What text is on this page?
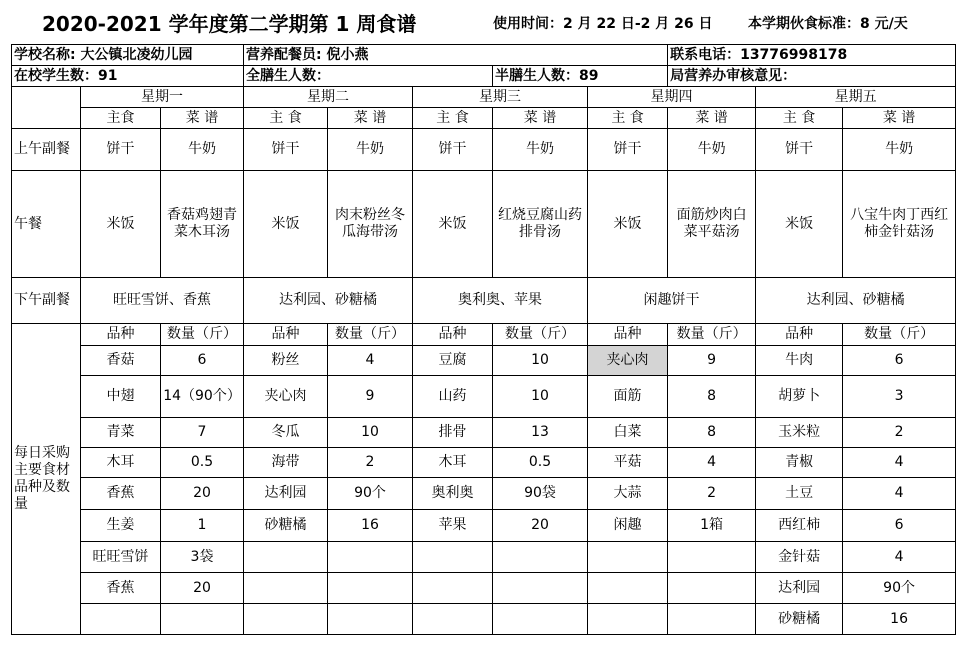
2020-2021 学年度第二学期第 1 周食谱	使用时间：2 月 22 日-2 月 26 日	本学期伙食标准：8 元/天
学校名称: 大公镇北凌幼儿园			营养配餐员: 倪小燕					联系电话：13776998178		
在校学生数：91			全膳生人数：			半膳生人数：89		局营养办审核意见：		
	星期一		星期二		星期三		星期四		星期五	
	主食	菜 谱	主 食	菜 谱	主 食	菜 谱	主 食	菜 谱	主 食	菜 谱
上午副餐	饼干	牛奶	饼干	牛奶	饼干	牛奶	饼干	牛奶	饼干	牛奶
午餐	米饭	香菇鸡翅青菜木耳汤	米饭	肉末粉丝冬瓜海带汤	米饭	红烧豆腐山药排骨汤	米饭	面筋炒肉白菜平菇汤	米饭	八宝牛肉丁西红柿金针菇汤
下午副餐	旺旺雪饼、香蕉		达利园、砂糖橘		奥利奥、苹果		闲趣饼干		达利园、砂糖橘	
每日采购主要食材品种及数量	品种	数量（斤）	品种	数量（斤）	品种	数量（斤）	品种	数量（斤）	品种	数量（斤）
	香菇	6	粉丝	4	豆腐	10	夹心肉	9	牛肉	6
	中翅	14（90个）	夹心肉	9	山药	10	面筋	8	胡萝卜	3
	青菜	7	冬瓜	10	排骨	13	白菜	8	玉米粒	2
	木耳	0.5	海带	2	木耳	0.5	平菇	4	青椒	4
	香蕉	20	达利园	90个	奥利奥	90袋	大蒜	2	土豆	4
	生姜	1	砂糖橘	16	苹果	20	闲趣	1箱	西红柿	6
	旺旺雪饼	3袋							金针菇	4
	香蕉	20							达利园	90个
									砂糖橘	16
